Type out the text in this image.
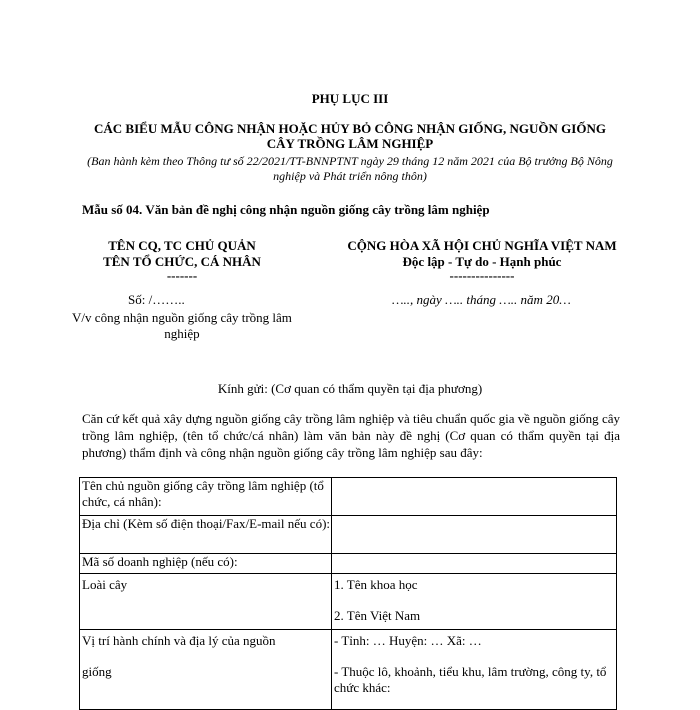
PHỤ LỤC III
CÁC BIỂU MẪU CÔNG NHẬN HOẶC HỦY BỎ CÔNG NHẬN GIỐNG, NGUỒN GIỐNG CÂY TRỒNG LÂM NGHIỆP
(Ban hành kèm theo Thông tư số 22/2021/TT-BNNPTNT ngày 29 tháng 12 năm 2021 của Bộ trưởng Bộ Nông nghiệp và Phát triển nông thôn)
Mẫu số 04. Văn bản đề nghị công nhận nguồn giống cây trồng lâm nghiệp
TÊN CQ, TC CHỦ QUẢN
TÊN TỔ CHỨC, CÁ NHÂN
-------
CỘNG HÒA XÃ HỘI CHỦ NGHĨA VIỆT NAM
Độc lập - Tự do - Hạnh phúc
---------------
Số: /……..
V/v công nhận nguồn giống cây trồng lâm nghiệp
….., ngày ….. tháng ….. năm 20…
Kính gửi: (Cơ quan có thẩm quyền tại địa phương)
Căn cứ kết quả xây dựng nguồn giống cây trồng lâm nghiệp và tiêu chuẩn quốc gia về nguồn giống cây trồng lâm nghiệp, (tên tổ chức/cá nhân) làm văn bản này đề nghị (Cơ quan có thẩm quyền tại địa phương) thẩm định và công nhận nguồn giống cây trồng lâm nghiệp sau đây:
Tên chủ nguồn giống cây trồng lâm nghiệp (tổ chức, cá nhân):	
Địa chỉ (Kèm số điện thoại/Fax/E-mail nếu có):	
Mã số doanh nghiệp (nếu có):	
Loài cây	1. Tên khoa học
2. Tên Việt Nam

Vị trí hành chính và địa lý của nguồn
giống	- Tỉnh: … Huyện: … Xã: …
- Thuộc lô, khoảnh, tiểu khu, lâm trường, công ty, tổ chức khác:
